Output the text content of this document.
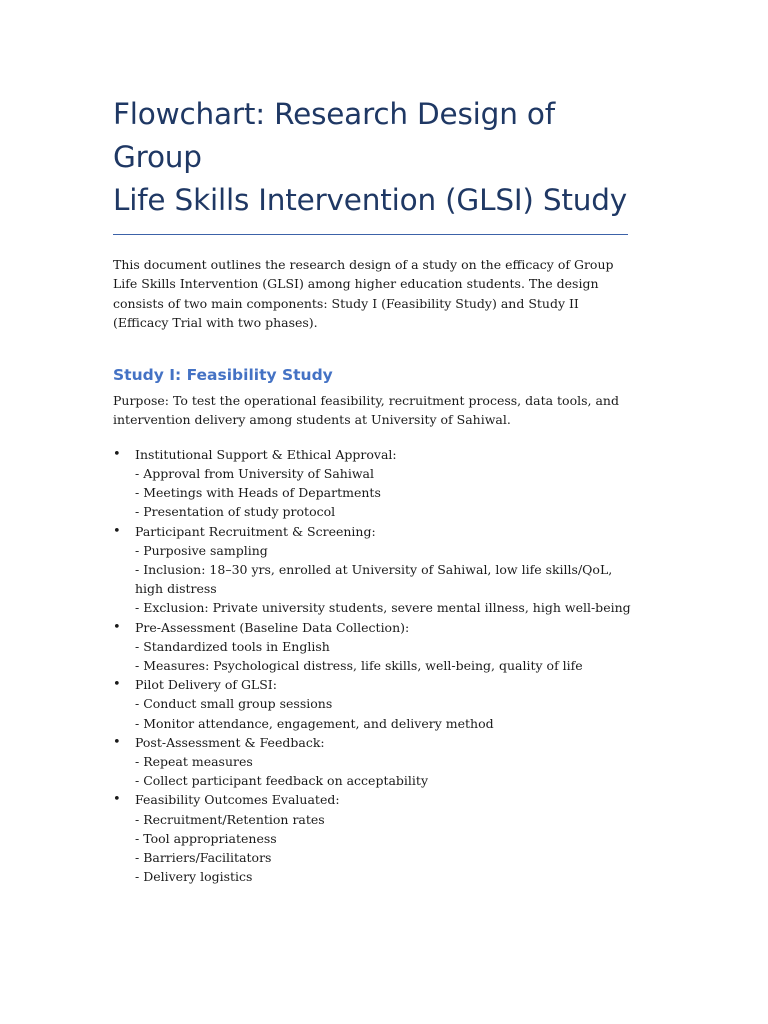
Flowchart: Research Design of Group
Life Skills Intervention (GLSI) Study

This document outlines the research design of a study on the efficacy of Group Life Skills Intervention (GLSI) among higher education students. The design consists of two main components: Study I (Feasibility Study) and Study II (Efficacy Trial with two phases).

Study I: Feasibility Study

Purpose: To test the operational feasibility, recruitment process, data tools, and
intervention delivery among students at University of Sahiwal.

• Institutional Support & Ethical Approval:
- Approval from University of Sahiwal
- Meetings with Heads of Departments
- Presentation of study protocol
• Participant Recruitment & Screening:
- Purposive sampling
- Inclusion: 18–30 yrs, enrolled at University of Sahiwal, low life skills/QoL, high distress
- Exclusion: Private university students, severe mental illness, high well-being
• Pre-Assessment (Baseline Data Collection):
- Standardized tools in English
- Measures: Psychological distress, life skills, well-being, quality of life
• Pilot Delivery of GLSI:
- Conduct small group sessions
- Monitor attendance, engagement, and delivery method
• Post-Assessment & Feedback:
- Repeat measures
- Collect participant feedback on acceptability
• Feasibility Outcomes Evaluated:
- Recruitment/Retention rates
- Tool appropriateness
- Barriers/Facilitators
- Delivery logistics
